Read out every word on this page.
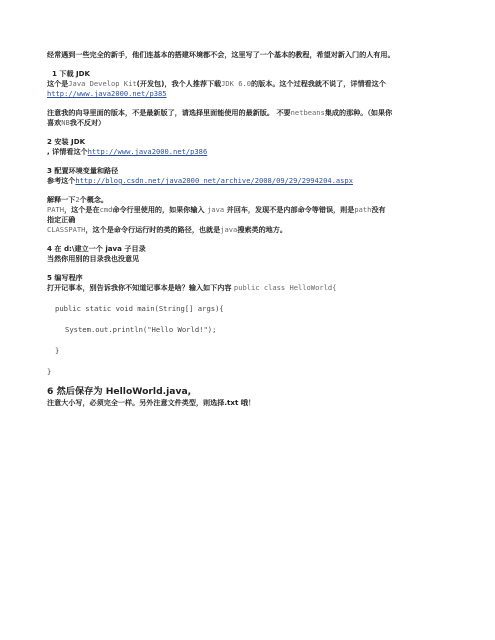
经常遇到一些完全的新手，他们连基本的搭建环境都不会，这里写了一个基本的教程，希望对新入门的人有用。

1 下载 JDK

这个是Java Develop Kit(开发包)，我个人推荐下载JDK 6.0的版本。这个过程我就不说了，详情看这个

http://www.java2000.net/p385

注意我的向导里面的版本，不是最新版了，请选择里面能使用的最新版。 不要netbeans集成的那种。（如果你

喜欢NB我不反对）

2 安装 JDK

, 详情看这个http://www.java2000.net/p386

3 配置环境变量和路径

参考这个http://blog.csdn.net/java2000_net/archive/2008/09/29/2994204.aspx

解释一下2个概念。

PATH，这个是在cmd命令行里使用的，如果你输入 java 并回车，发现不是内部命令等错误，则是path没有

指定正确

CLASSPATH，这个是命令行运行时的类的路径，也就是java搜索类的地方。

4 在 d:\建立一个 java 子目录

当然你用别的目录我也没意见

5 编写程序

打开记事本，别告诉我你不知道记事本是啥？输入如下内容 public class HelloWorld{

public static void main(String[] args){

System.out.println("Hello World!");

}

}

6 然后保存为 HelloWorld.java,

注意大小写，必须完全一样。另外注意文件类型，则选择.txt 哦！
